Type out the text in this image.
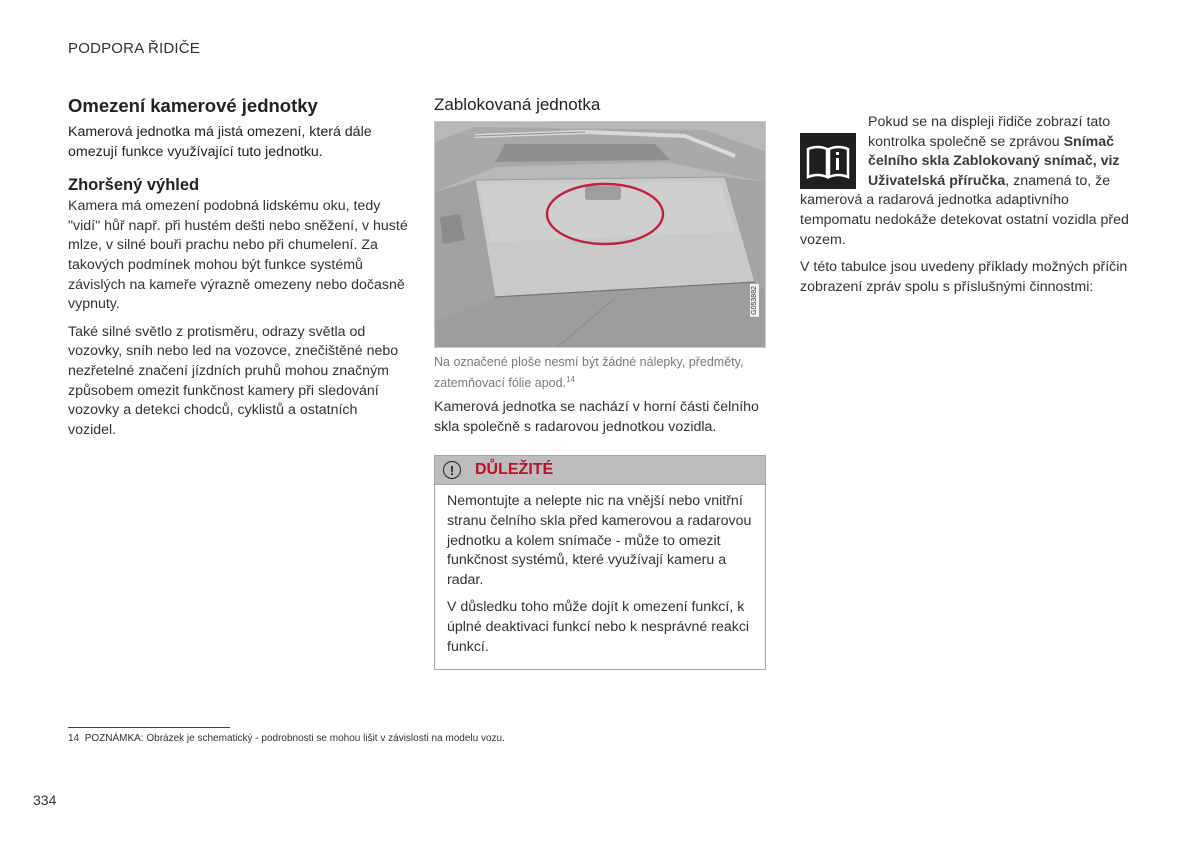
PODPORA ŘIDIČE
Omezení kamerové jednotky

Kamerová jednotka má jistá omezení, která dále omezují funkce využívající tuto jednotku.

Zhoršený výhled

Kamera má omezení podobná lidskému oku, tedy "vidí" hůř např. při hustém dešti nebo sněžení, v husté mlze, v silné bouři prachu nebo při chumelení. Za takových podmínek mohou být funkce systémů závislých na kameře výrazně omezeny nebo dočasně vypnuty.

Také silné světlo z protisměru, odrazy světla od vozovky, sníh nebo led na vozovce, znečištěné nebo nezřetelné značení jízdních pruhů mohou značným způsobem omezit funkčnost kamery při sledování vozovky a detekci chodců, cyklistů a ostatních vozidel.

Zablokovaná jednotka
G053882
Na označené ploše nesmí být žádné nálepky, předměty, zatemňovací fólie apod.$^{14}$

Kamerová jednotka se nachází v horní části čelního skla společně s radarovou jednotkou vozidla.

!	DŮLEŽITÉ

Nemontujte a nelepte nic na vnější nebo vnitřní stranu čelního skla před kamerovou a radarovou jednotku a kolem snímače - může to omezit funkčnost systémů, které využívají kameru a radar.

V důsledku toho může dojít k omezení funkcí, k úplné deaktivaci funkcí nebo k nesprávné reakci funkcí.

Pokud se na displeji řidiče zobrazí tato kontrolka společně se zprávou Snímač čelního skla Zablokovaný snímač, viz Uživatelská příručka, znamená to, že kamerová a radarová jednotka adaptivního tempomatu nedokáže detekovat ostatní vozidla před vozem.

V této tabulce jsou uvedeny příklady možných příčin zobrazení zpráv spolu s příslušnými činnostmi:

14 POZNÁMKA: Obrázek je schematický - podrobnosti se mohou lišit v závislosti na modelu vozu.
334
